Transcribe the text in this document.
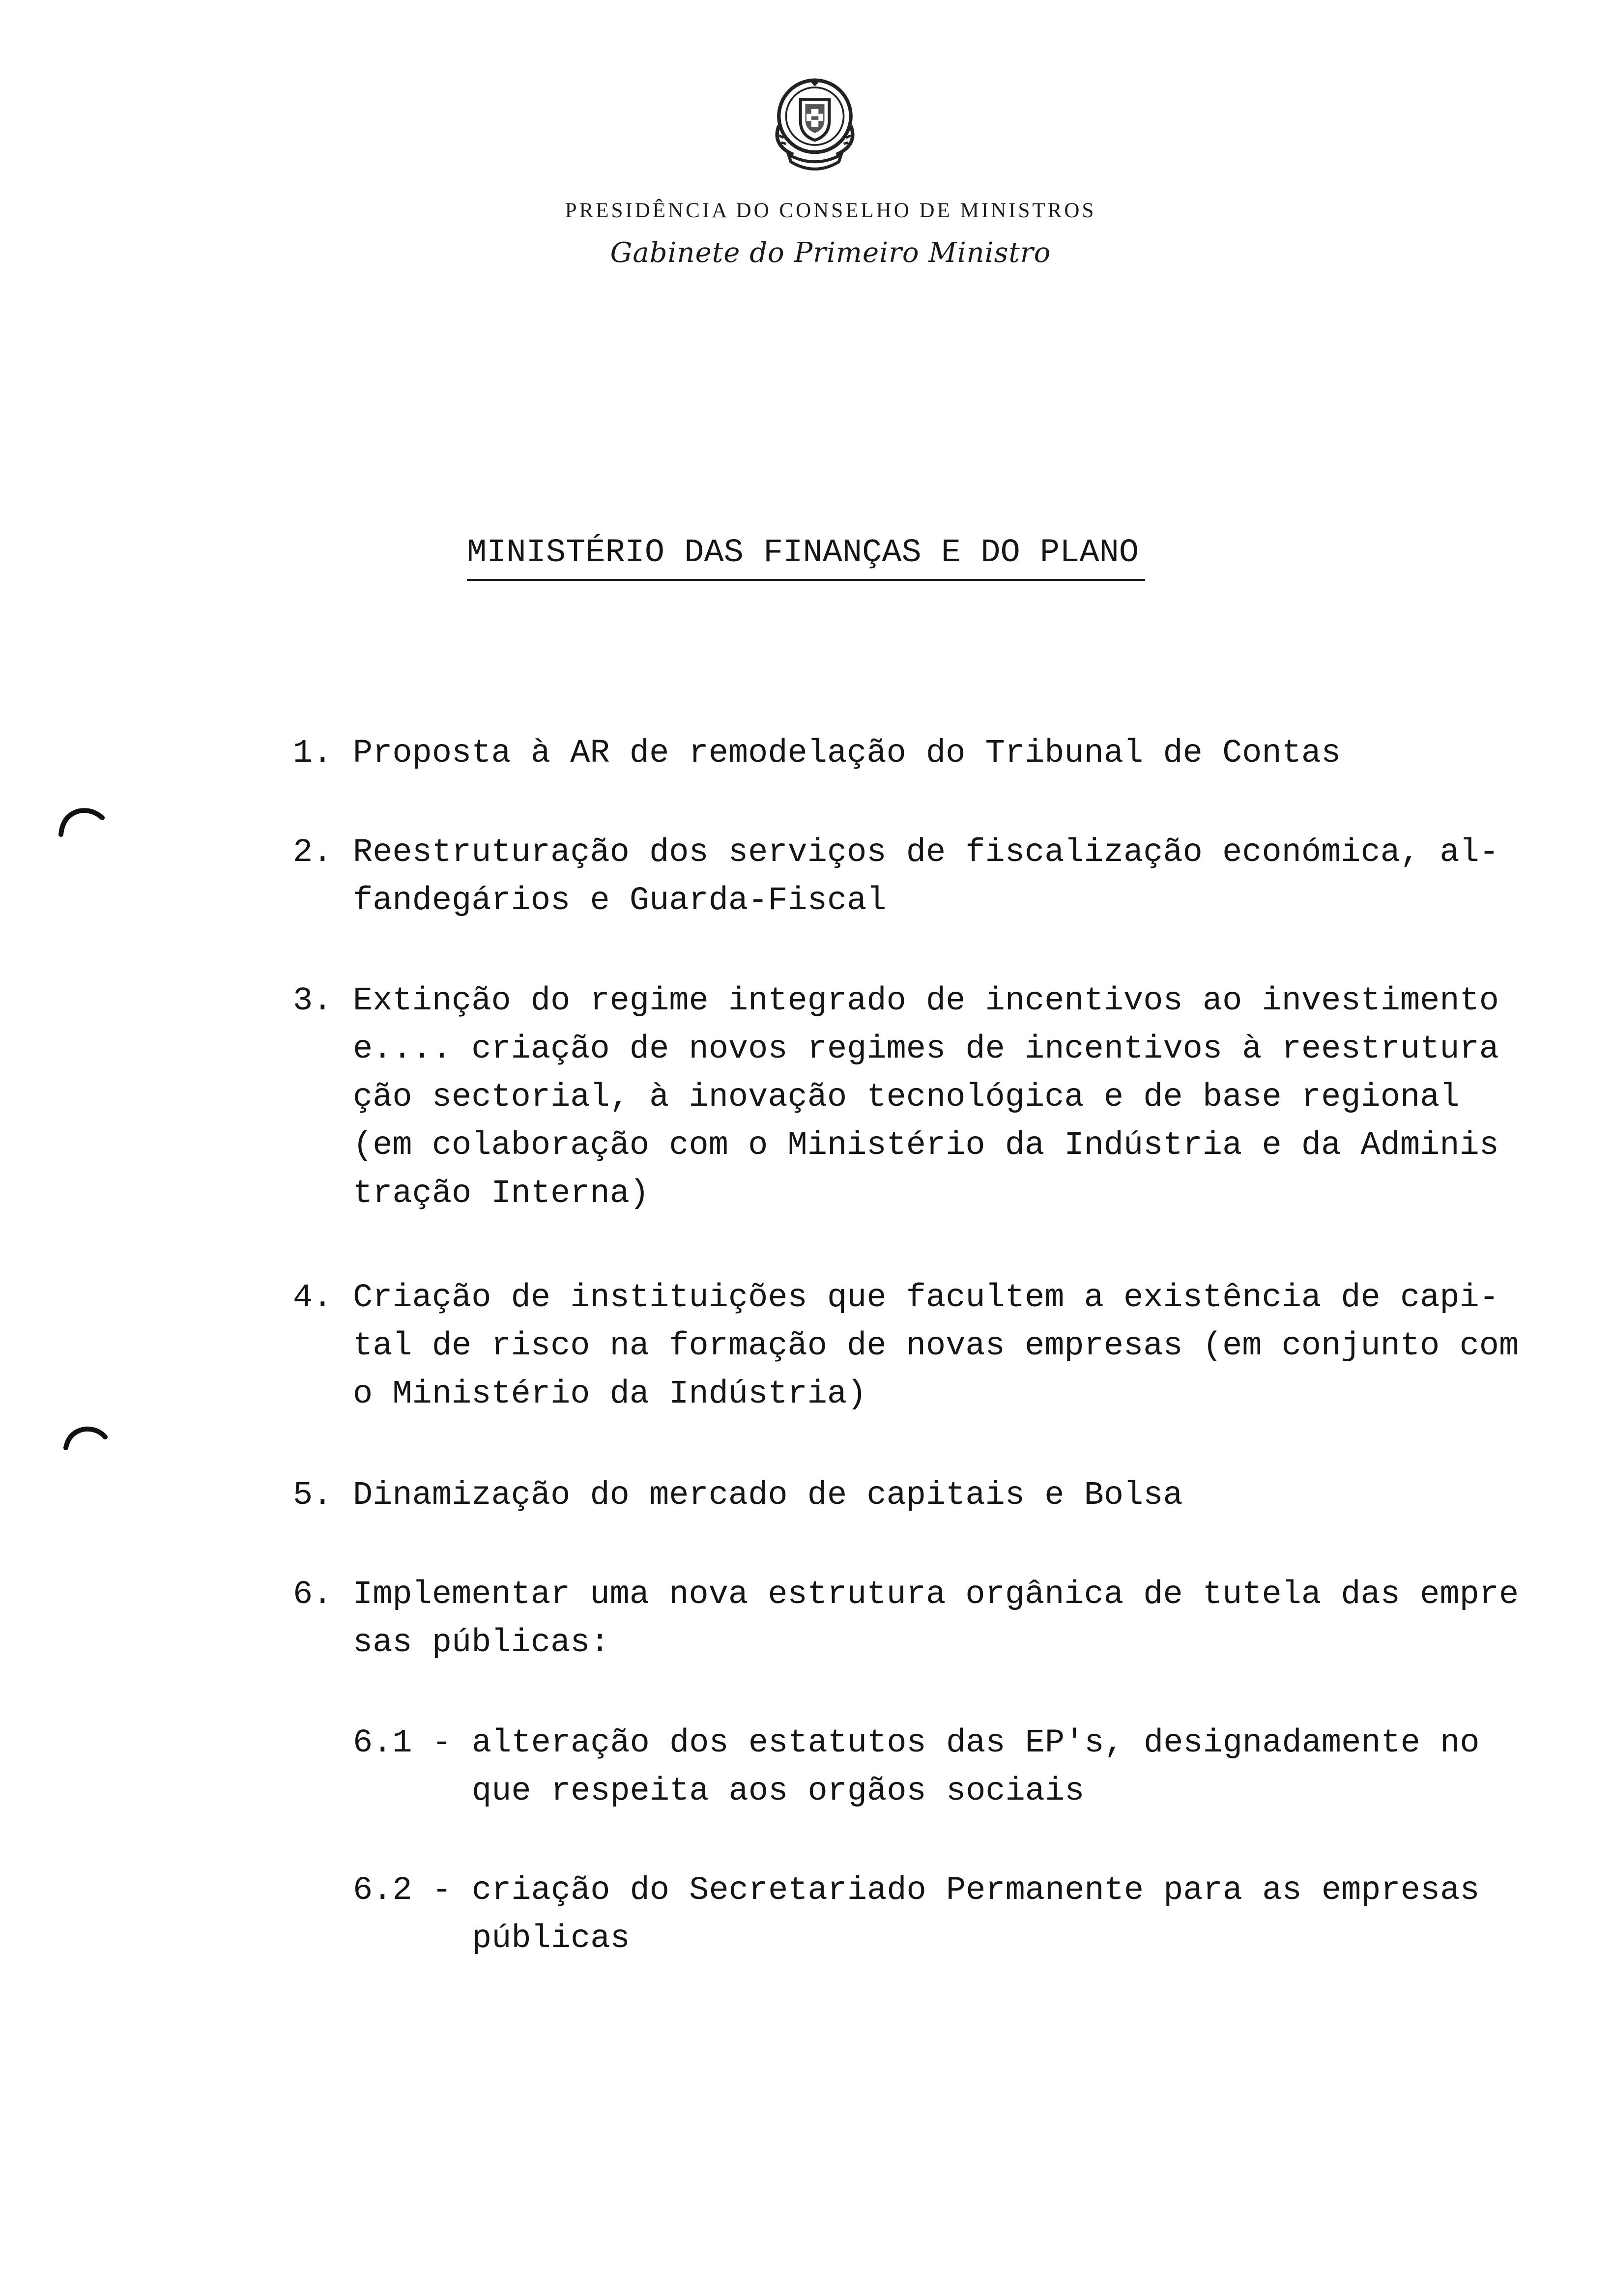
PRESIDÊNCIA DO CONSELHO DE MINISTROS
Gabinete do Primeiro Ministro
MINISTÉRIO DAS FINANÇAS E DO PLANO

1.

Proposta à AR de remodelação do Tribunal de Contas

2.

Reestruturação dos serviços de fiscalização económica, al-

fandegários e Guarda-Fiscal

3.

Extinção do regime integrado de incentivos ao investimento

e.... criação de novos regimes de incentivos à reestrutura

ção sectorial, à inovação tecnológica e de base regional

(em colaboração com o Ministério da Indústria e da Adminis

tração Interna)

4.

Criação de instituições que facultem a existência de capi-

tal de risco na formação de novas empresas (em conjunto com

o Ministério da Indústria)

5.

Dinamização do mercado de capitais e Bolsa

6.

Implementar uma nova estrutura orgânica de tutela das empre

sas públicas:

6.1 -

alteração dos estatutos das EP's, designadamente no

que respeita aos orgãos sociais

6.2 -

criação do Secretariado Permanente para as empresas

públicas
